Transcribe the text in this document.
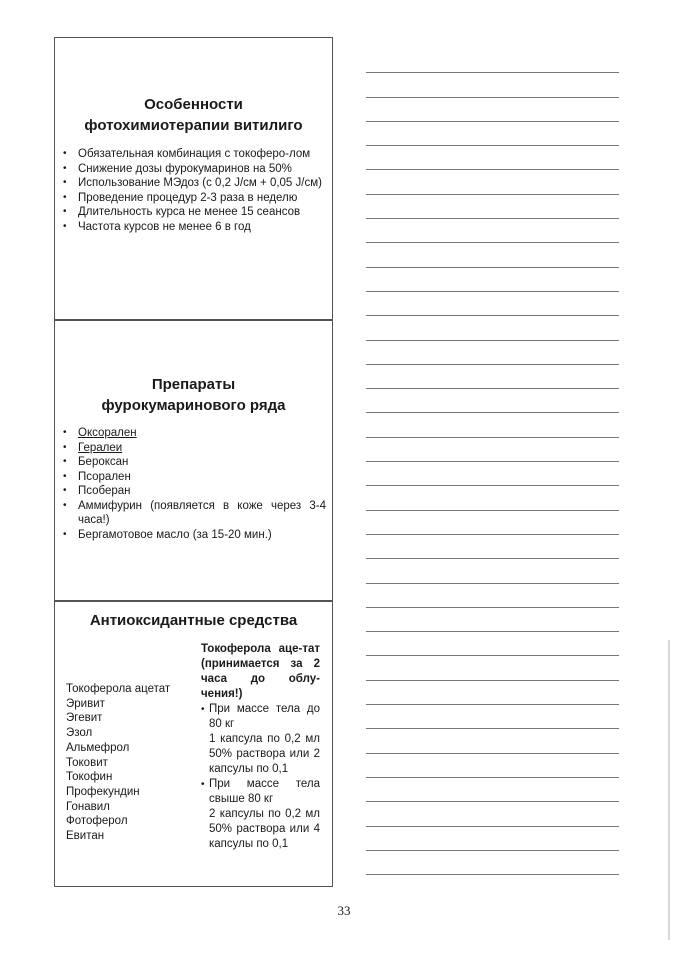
Особенности

фотохимиотерапии витилиго

• Обязательная комбинация с токоферо-лом
• Снижение дозы фурокумаринов на 50%
• Использование МЭдоз (с 0,2 J/см + 0,05 J/см)
• Проведение процедур 2-3 раза в неделю
• Длительность курса не менее 15 сеансов
• Частота курсов не менее 6 в год

Препараты

фурокумаринового ряда

• Оксорален
• Гералеи
• Бероксан
• Псорален
• Псоберан
• Аммифурин (появляется в коже через 3-4 часа!)
• Бергамотовое масло (за 15-20 мин.)

Антиоксидантные средства

Токоферола ацетат
Эривит
Эгевит
Эзол
Альмефрол
Токовит
Токофин
Профекундин
Гонавил
Фотоферол
Евитан
Токоферола аце-тат (принимается за 2 часа до облу-чения!)
• При массе тела до 80 кг
1 капсула по 0,2 мл 50% раствора или 2 капсулы по 0,1
• При массе тела свыше 80 кг
2 капсулы по 0,2 мл 50% раствора или 4 капсулы по 0,1
33
